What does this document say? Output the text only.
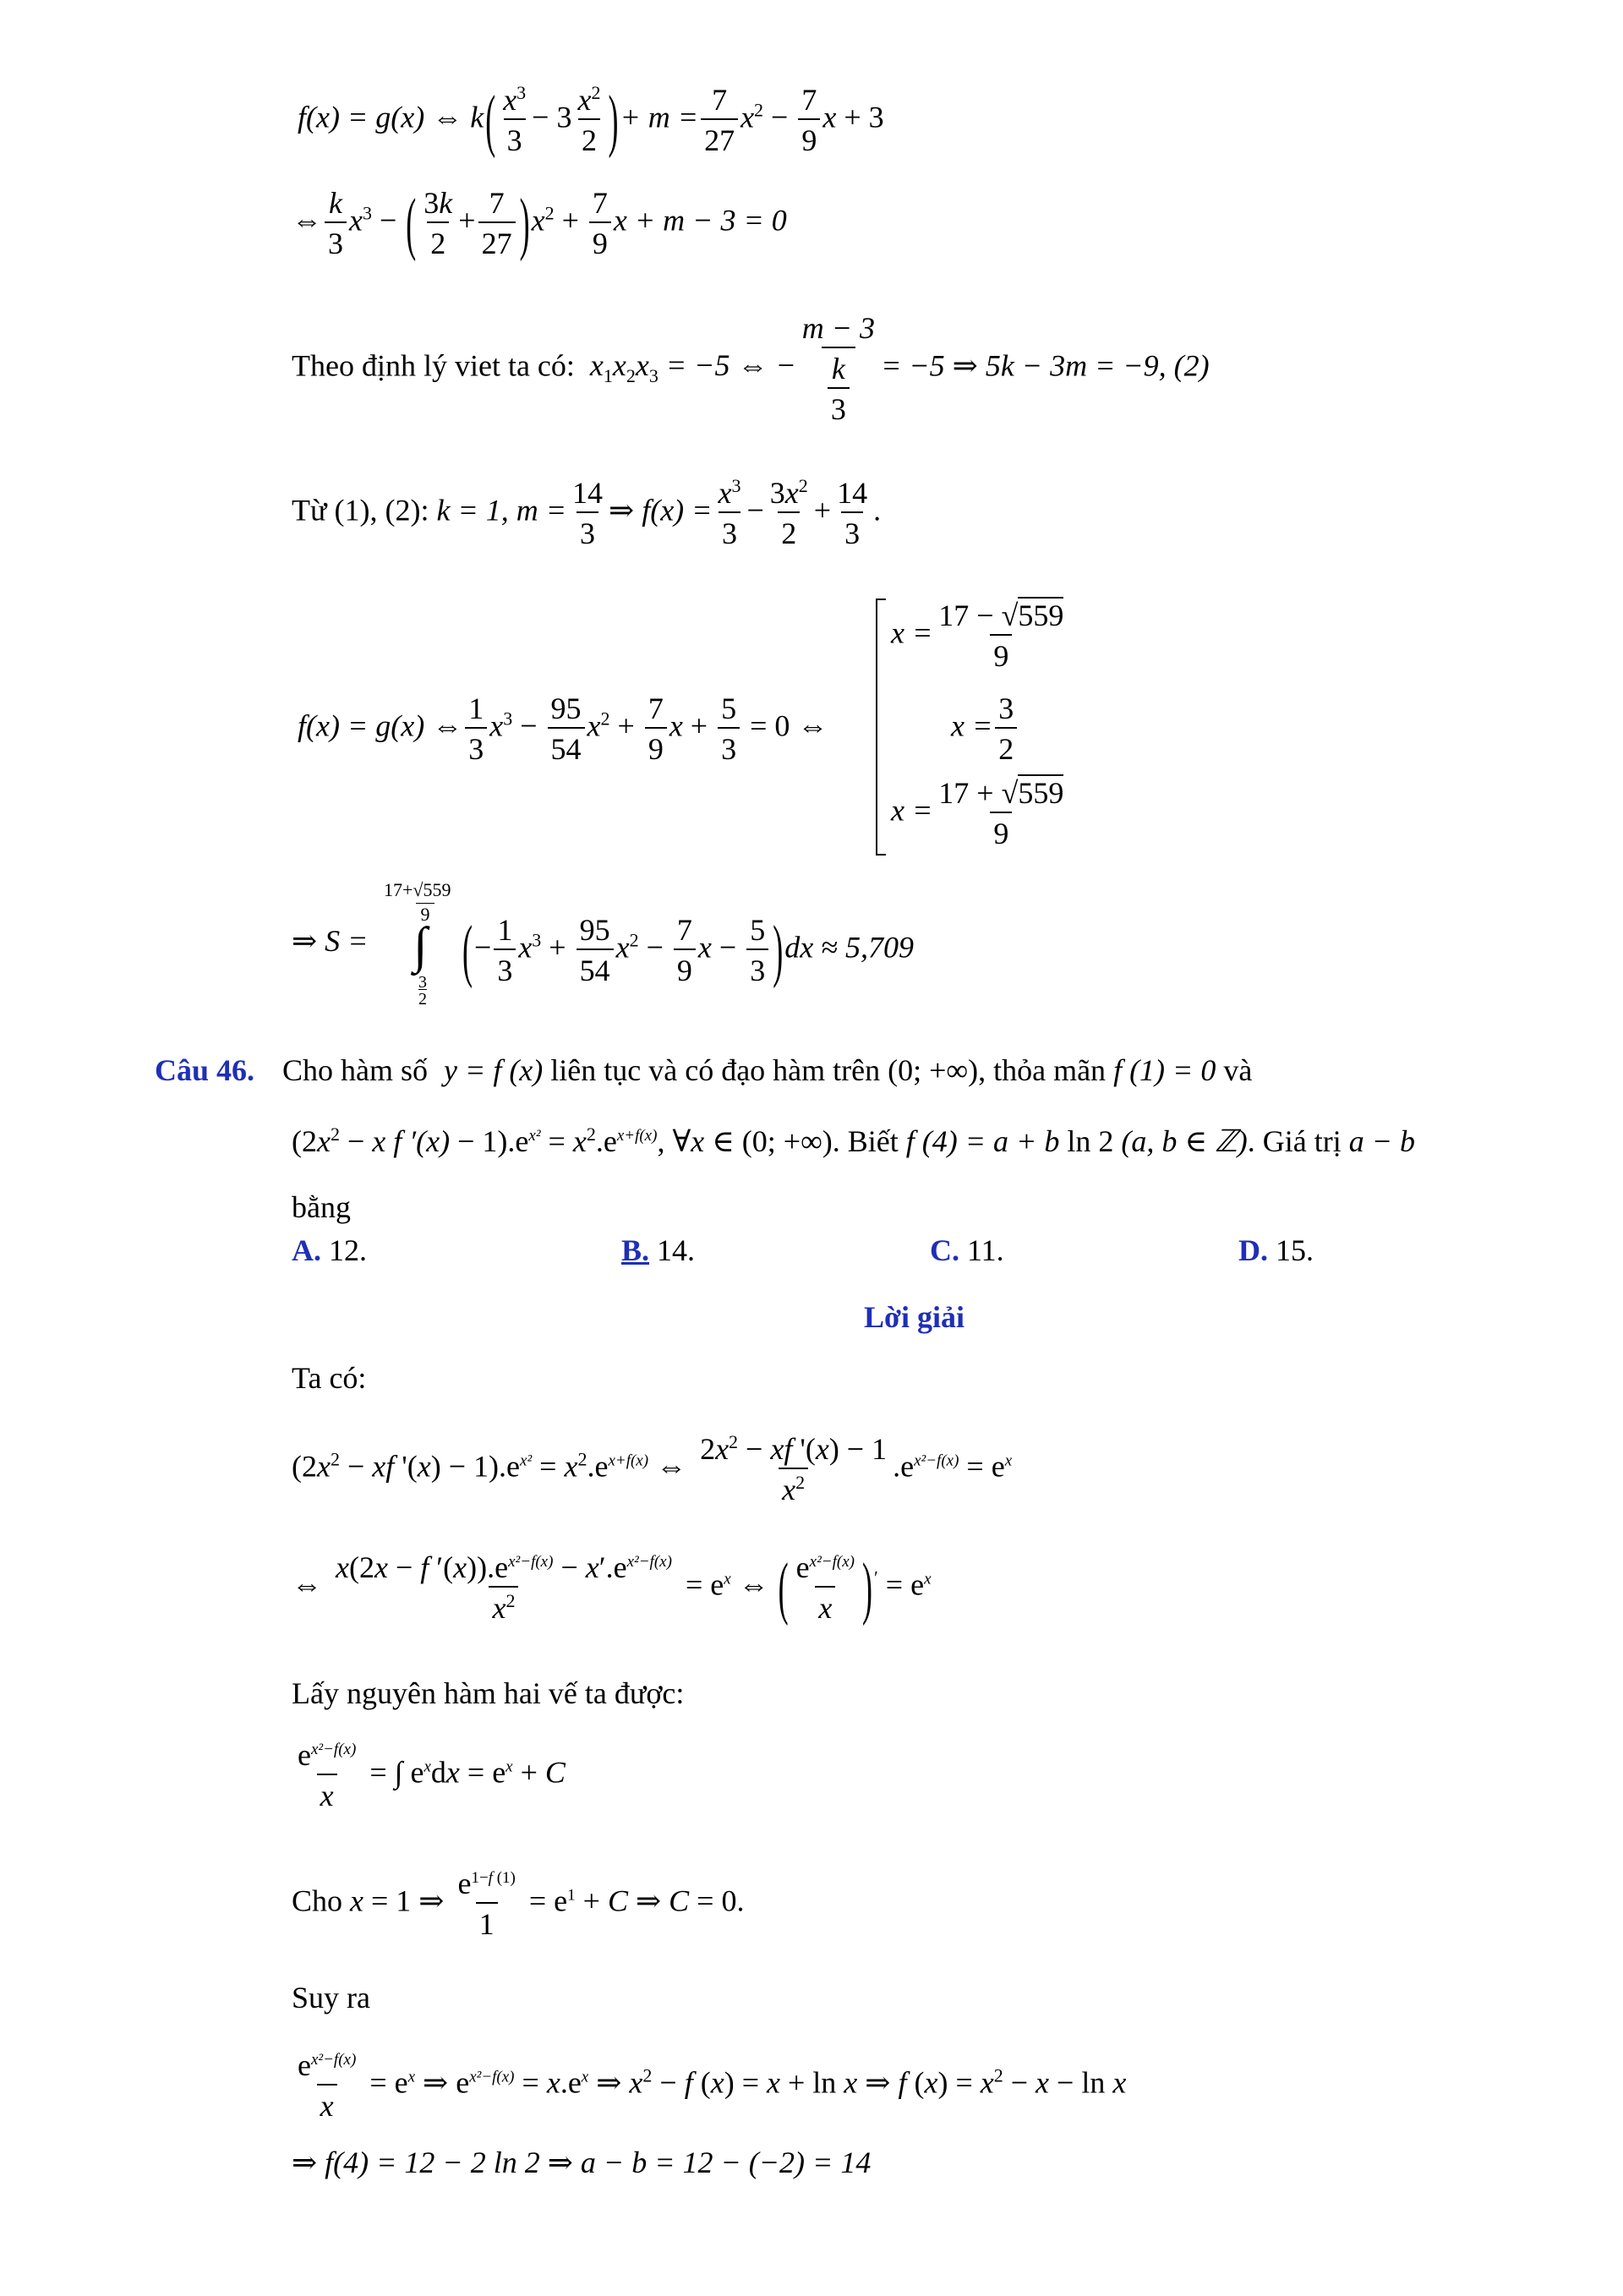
f(x) = g(x) ⇔ $k( \frac{x^3}{3} - 3 \frac{x^2}{2}$ )+ $m = \frac{7}{27} x^2 - \frac{7}{9}$ x + 3
⇔ $\frac{k}{3} x^3$ − ( $\frac{3k}{2} + \frac{7}{27} )x^2 + \frac{7}{9}$ x + m − 3 = 0
Theo định lý viet ta có:  $x_1x_2x_3 = -5$ ⇔ − $\frac{m - 3}{\frac{k}{3}} = -5$ ⇒ 5k − 3m = −9, (2)
Từ (1), (2): k = 1, $m = \frac{14}{3}$ ⇒ $f(x) = \frac{x^3}{3} - \frac{3x^2}{2} + \frac{14}{3}$ .
f(x) = g(x) ⇔ $\frac{1}{3} x^3 - \frac{95}{54} x^2 + \frac{7}{9}$ $x + \frac{5}{3} = 0$ ⇔
$x = \frac{17 - √559}{9}$
$x = \frac{3}{2}$
$x = \frac{17 + √559}{9}$
17+√559
9
∫
3
2
⇒ S =	(− $\frac{1}{3} x^3 + \frac{95}{54} x^2 - \frac{7}{9}$ $x - \frac{5}{3} )dx \approx 5,709$
Câu 46. Cho hàm số y = f (x) liên tục và có đạo hàm trên (0; +∞), thỏa mãn f (1) = 0 và
($2x^2 - x$ f $'(x) - 1).e^{x^2} = x^2.e^{x+f(x)}$, ∀x ∈ (0; +∞). Biết f (4) = a + b ln 2 (a, b ∈ ℤ). Giá trị a − b
bằng
A. 12.	B. 14.	C. 11.	D. 15.
Lời giải
Ta có:
($2x^2$ − xf '$(x) - 1).e^{x^2} = x^2.e^{x+f(x)}$ ⇔ $\frac{2x^2 - xf '(x) - 1}{x^2} .e^{x^2-f(x)} = e^x$
⇔ $\frac{x(2x - f '(x)).e^{x^2-f(x)} - x'.e^{x^2-f(x)}}{x^2} = e^x$ ⇔ ( $\frac{e^{x^2-f(x)}}{x} )' = e^x$
Lấy nguyên hàm hai vế ta được:
$\frac{e^{x^2-f(x)}}{x}$ = ∫ $e^xdx = e^x + C$
Cho x = 1 ⇒ $\frac{e^{1-f (1)}}{1} = e^1 + C$ ⇒ C = 0.
Suy ra
$\frac{e^{x^2-f(x)}}{x} = e^x$ ⇒ $e^{x^2-f(x)} = x.e^x$ ⇒ $x^2 - f$ (x) = x + ln x ⇒ f $(x) = x^2 - x - \ln x$
⇒ f(4) = 12 − 2 ln 2 ⇒ a − b = 12 − (−2) = 14
